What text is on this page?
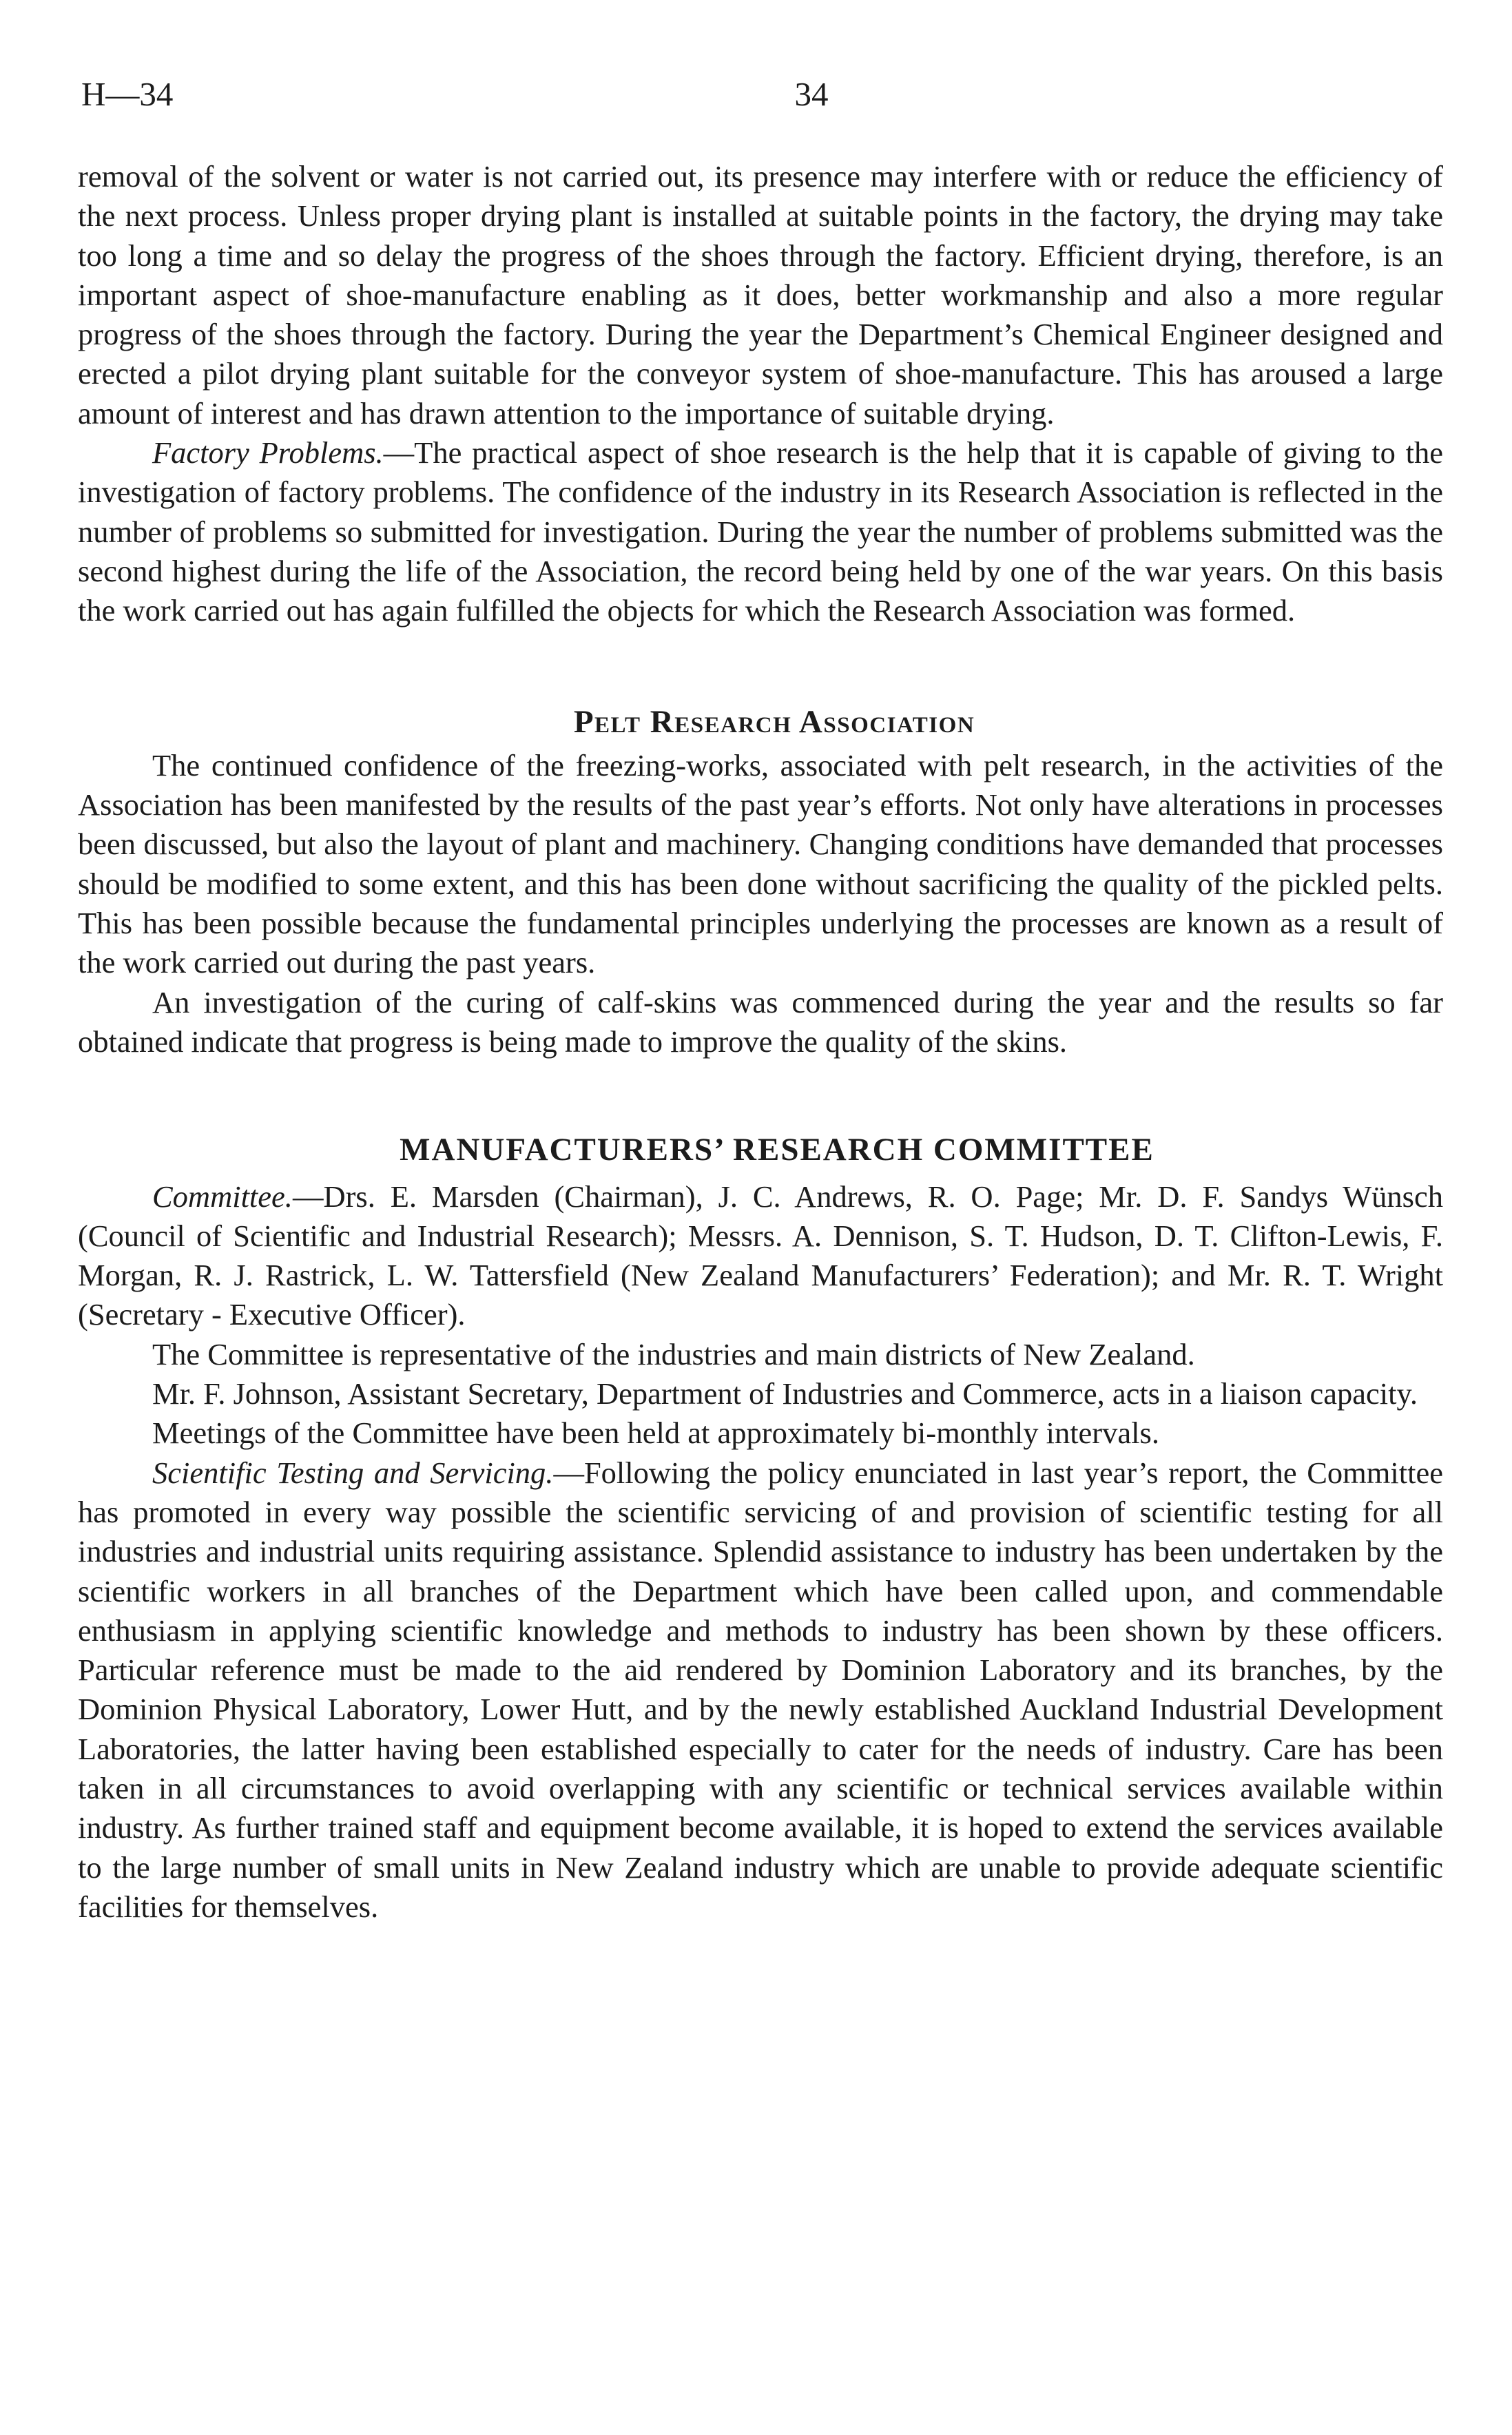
H—34	34

removal of the solvent or water is not carried out, its presence may interfere with or reduce the efficiency of the next process. Unless proper drying plant is installed at suitable points in the factory, the drying may take too long a time and so delay the progress of the shoes through the factory. Efficient drying, therefore, is an important aspect of shoe-manufacture enabling as it does, better workmanship and also a more regular progress of the shoes through the factory. During the year the Department’s Chemical Engineer designed and erected a pilot drying plant suitable for the conveyor system of shoe-manufacture. This has aroused a large amount of interest and has drawn attention to the importance of suitable drying.

Factory Problems.—The practical aspect of shoe research is the help that it is capable of giving to the investigation of factory problems. The confidence of the industry in its Research Association is reflected in the number of problems so submitted for investigation. During the year the number of problems submitted was the second highest during the life of the Association, the record being held by one of the war years. On this basis the work carried out has again fulfilled the objects for which the Research Association was formed.

Pelt Research Association

The continued confidence of the freezing-works, associated with pelt research, in the activities of the Association has been manifested by the results of the past year’s efforts. Not only have alterations in processes been discussed, but also the layout of plant and machinery. Changing conditions have demanded that processes should be modified to some extent, and this has been done without sacrificing the quality of the pickled pelts. This has been possible because the fundamental principles underlying the processes are known as a result of the work carried out during the past years.

An investigation of the curing of calf-skins was commenced during the year and the results so far obtained indicate that progress is being made to improve the quality of the skins.

MANUFACTURERS’ RESEARCH COMMITTEE

Committee.—Drs. E. Marsden (Chairman), J. C. Andrews, R. O. Page; Mr. D. F. Sandys Wünsch (Council of Scientific and Industrial Research); Messrs. A. Dennison, S. T. Hudson, D. T. Clifton-Lewis, F. Morgan, R. J. Rastrick, L. W. Tattersfield (New Zealand Manufacturers’ Federation); and Mr. R. T. Wright (Secretary - Executive Officer).

The Committee is representative of the industries and main districts of New Zealand.

Mr. F. Johnson, Assistant Secretary, Department of Industries and Commerce, acts in a liaison capacity.

Meetings of the Committee have been held at approximately bi-monthly intervals.

Scientific Testing and Servicing.—Following the policy enunciated in last year’s report, the Committee has promoted in every way possible the scientific servicing of and provision of scientific testing for all industries and industrial units requiring assistance. Splendid assistance to industry has been undertaken by the scientific workers in all branches of the Department which have been called upon, and commendable enthusiasm in applying scientific knowledge and methods to industry has been shown by these officers. Particular reference must be made to the aid rendered by Dominion Laboratory and its branches, by the Dominion Physical Laboratory, Lower Hutt, and by the newly established Auckland Industrial Development Laboratories, the latter having been established especially to cater for the needs of industry. Care has been taken in all circumstances to avoid overlapping with any scientific or technical services available within industry. As further trained staff and equipment become available, it is hoped to extend the services available to the large number of small units in New Zealand industry which are unable to provide adequate scientific facilities for themselves.
